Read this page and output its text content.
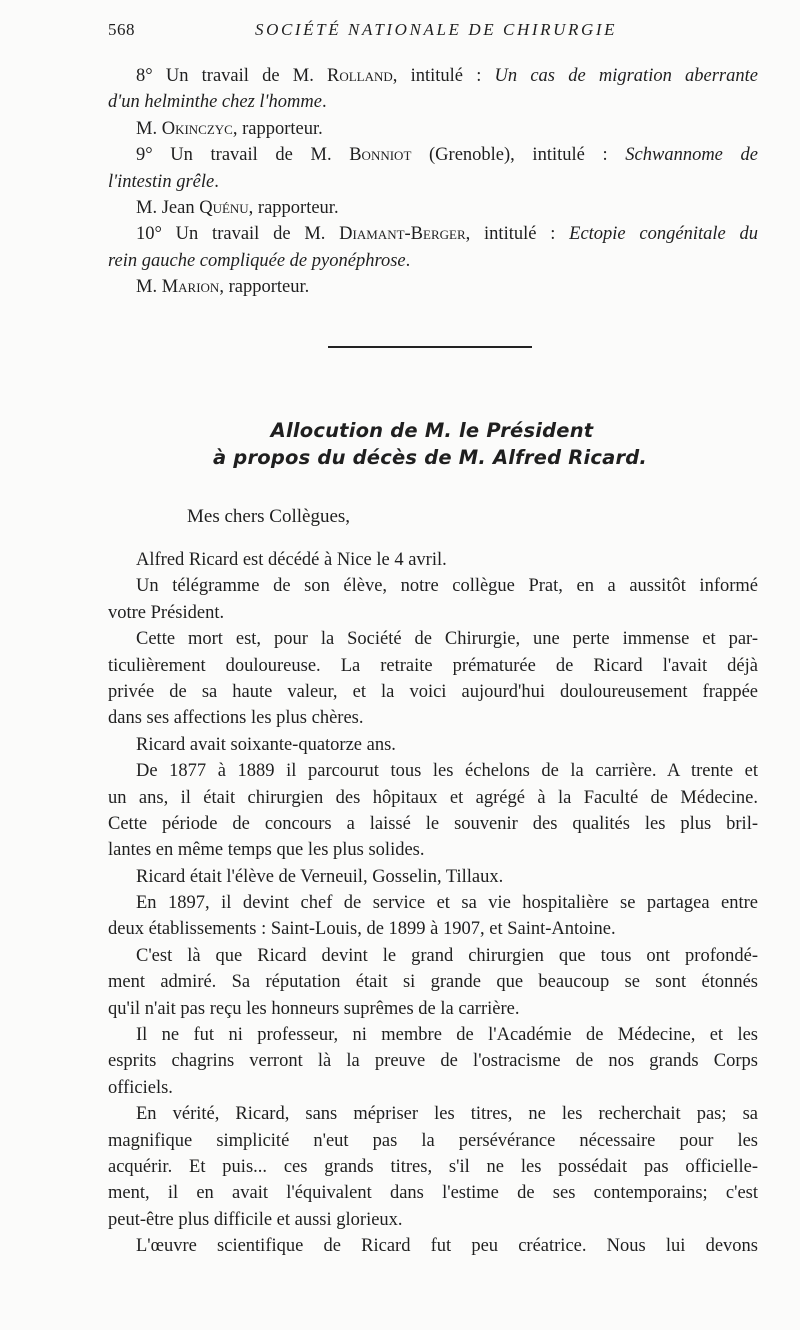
568	SOCIÉTÉ NATIONALE DE CHIRURGIE
8° Un travail de M. Rolland, intitulé : Un cas de migration aberrante
d'un helminthe chez l'homme.
M. Okinczyc, rapporteur.
9° Un travail de M. Bonniot (Grenoble), intitulé : Schwannome de
l'intestin grêle.
M. Jean Quénu, rapporteur.
10° Un travail de M. Diamant-Berger, intitulé : Ectopie congénitale du
rein gauche compliquée de pyonéphrose.
M. Marion, rapporteur.
Allocution de M. le Président
à propos du décès de M. Alfred Ricard.
Mes chers Collègues,
Alfred Ricard est décédé à Nice le 4 avril.
Un télégramme de son élève, notre collègue Prat, en a aussitôt informé
votre Président.
Cette mort est, pour la Société de Chirurgie, une perte immense et par-
ticulièrement douloureuse. La retraite prématurée de Ricard l'avait déjà
privée de sa haute valeur, et la voici aujourd'hui douloureusement frappée
dans ses affections les plus chères.
Ricard avait soixante-quatorze ans.
De 1877 à 1889 il parcourut tous les échelons de la carrière. A trente et
un ans, il était chirurgien des hôpitaux et agrégé à la Faculté de Médecine.
Cette période de concours a laissé le souvenir des qualités les plus bril-
lantes en même temps que les plus solides.
Ricard était l'élève de Verneuil, Gosselin, Tillaux.
En 1897, il devint chef de service et sa vie hospitalière se partagea entre
deux établissements : Saint-Louis, de 1899 à 1907, et Saint-Antoine.
C'est là que Ricard devint le grand chirurgien que tous ont profondé-
ment admiré. Sa réputation était si grande que beaucoup se sont étonnés
qu'il n'ait pas reçu les honneurs suprêmes de la carrière.
Il ne fut ni professeur, ni membre de l'Académie de Médecine, et les
esprits chagrins verront là la preuve de l'ostracisme de nos grands Corps
officiels.
En vérité, Ricard, sans mépriser les titres, ne les recherchait pas; sa
magnifique simplicité n'eut pas la persévérance nécessaire pour les
acquérir. Et puis... ces grands titres, s'il ne les possédait pas officielle-
ment, il en avait l'équivalent dans l'estime de ses contemporains; c'est
peut-être plus difficile et aussi glorieux.
L'œuvre scientifique de Ricard fut peu créatrice. Nous lui devons
